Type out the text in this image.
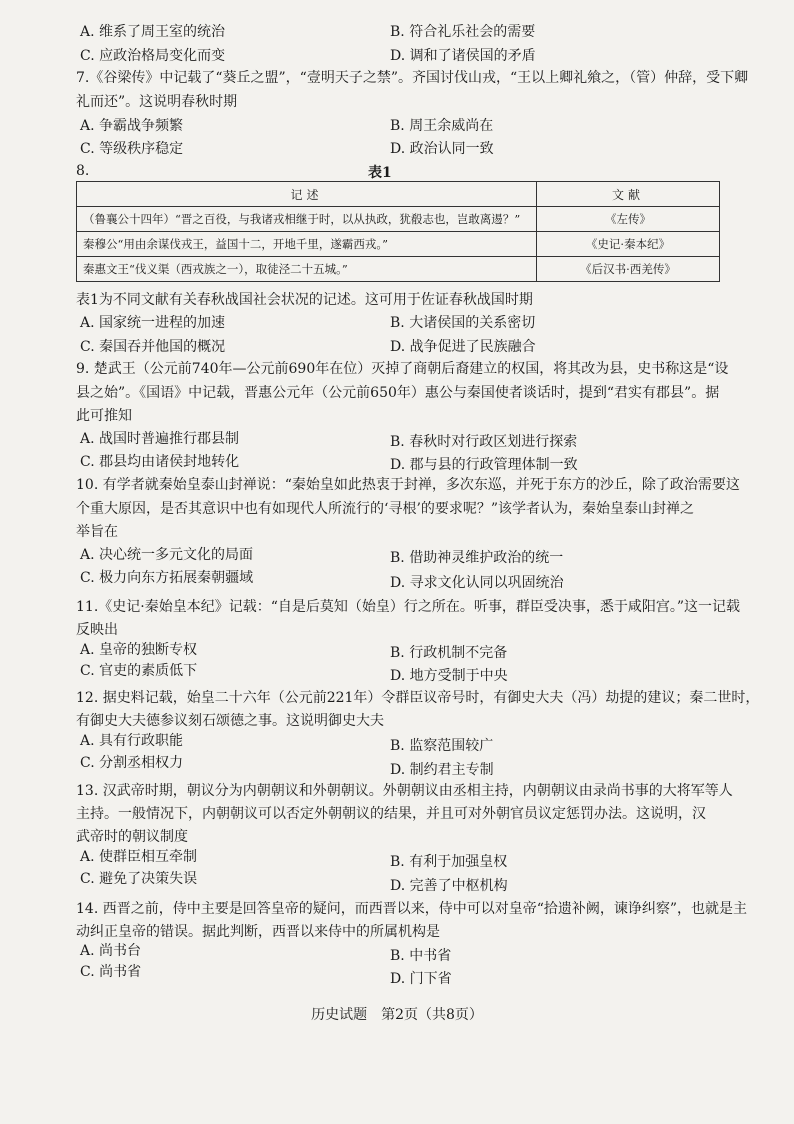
A. 维系了周王室的统治	B. 符合礼乐社会的需要
C. 应政治格局变化而变	D. 调和了诸侯国的矛盾
7.《谷梁传》中记载了“葵丘之盟”，“壹明天子之禁”。齐国讨伐山戎，“王以上卿礼飨之，（管）仲辞，受下卿
礼而还”。这说明春秋时期
A. 争霸战争频繁	B. 周王余威尚在
C. 等级秩序稳定	D. 政治认同一致
8.	表1
记述	文献
（鲁襄公十四年）“晋之百役，与我诸戎相继于时，以从执政，犹殽志也，岂敢离逷？”	《左传》
秦穆公“用由余谋伐戎王，益国十二，开地千里，遂霸西戎。”	《史记·秦本纪》
秦惠文王“伐义渠（西戎族之一），取徒泾二十五城。”	《后汉书·西羌传》
表1为不同文献有关春秋战国社会状况的记述。这可用于佐证春秋战国时期
A. 国家统一进程的加速	B. 大诸侯国的关系密切
C. 秦国吞并他国的概况	D. 战争促进了民族融合
9. 楚武王（公元前740年—公元前690年在位）灭掉了商朝后裔建立的权国，将其改为县，史书称这是“设
县之始”。《国语》中记载，晋惠公元年（公元前650年）惠公与秦国使者谈话时，提到“君实有郡县”。据
此可推知
A. 战国时普遍推行郡县制	B. 春秋时对行政区划进行探索
C. 郡县均由诸侯封地转化	D. 郡与县的行政管理体制一致
10. 有学者就秦始皇泰山封禅说：“秦始皇如此热衷于封禅，多次东巡，并死于东方的沙丘，除了政治需要这
个重大原因，是否其意识中也有如现代人所流行的‘寻根’的要求呢？”该学者认为，秦始皇泰山封禅之
举旨在
A. 决心统一多元文化的局面	B. 借助神灵维护政治的统一
C. 极力向东方拓展秦朝疆域	D. 寻求文化认同以巩固统治
11.《史记·秦始皇本纪》记载：“自是后莫知（始皇）行之所在。听事，群臣受决事，悉于咸阳宫。”这一记载
反映出
A. 皇帝的独断专权	B. 行政机制不完备
C. 官吏的素质低下	D. 地方受制于中央
12. 据史料记载，始皇二十六年（公元前221年）令群臣议帝号时，有御史大夫（冯）劫提的建议；秦二世时，
有御史大夫德参议刻石颂德之事。这说明御史大夫
A. 具有行政职能	B. 监察范围较广
C. 分割丞相权力	D. 制约君主专制
13. 汉武帝时期，朝议分为内朝朝议和外朝朝议。外朝朝议由丞相主持，内朝朝议由录尚书事的大将军等人
主持。一般情况下，内朝朝议可以否定外朝朝议的结果，并且可对外朝官员议定惩罚办法。这说明，汉
武帝时的朝议制度
A. 使群臣相互牵制	B. 有利于加强皇权
C. 避免了决策失误	D. 完善了中枢机构
14. 西晋之前，侍中主要是回答皇帝的疑问，而西晋以来，侍中可以对皇帝“拾遗补阙，谏诤纠察”，也就是主
动纠正皇帝的错误。据此判断，西晋以来侍中的所属机构是
A. 尚书台	B. 中书省
C. 尚书省	D. 门下省
历史试题　第2页（共8页）
